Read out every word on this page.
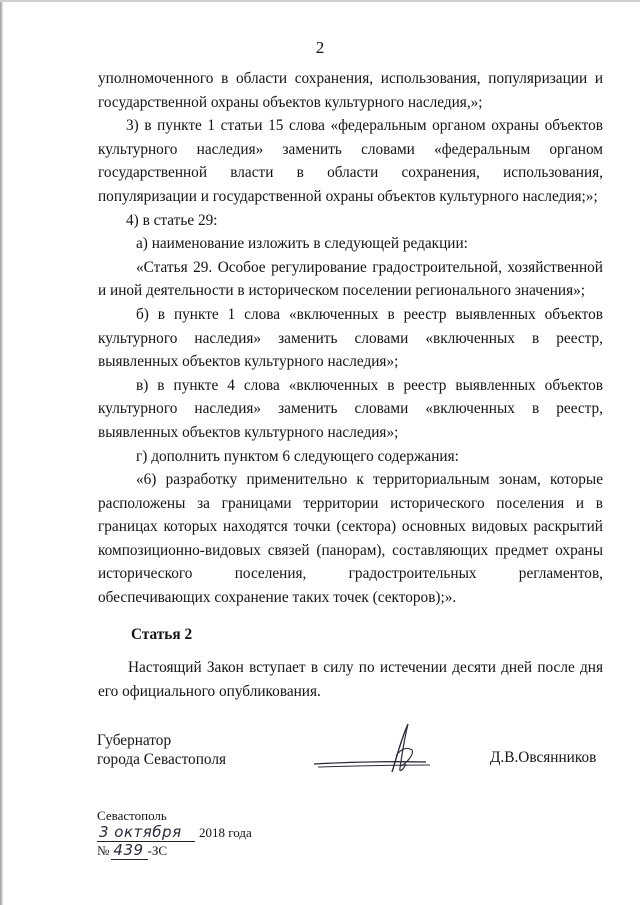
2

уполномоченного в области сохранения, использования, популяризации и государственной охраны объектов культурного наследия,»;

3) в пункте 1 статьи 15 слова «федеральным органом охраны объектов культурного наследия» заменить словами «федеральным органом государственной власти в области сохранения, использования, популяризации и государственной охраны объектов культурного наследия;»;

4) в статье 29:

а) наименование изложить в следующей редакции:

«Статья 29. Особое регулирование градостроительной, хозяйственной и иной деятельности в историческом поселении регионального значения»;

б) в пункте 1 слова «включенных в реестр выявленных объектов культурного наследия» заменить словами «включенных в реестр, выявленных объектов культурного наследия»;

в) в пункте 4 слова «включенных в реестр выявленных объектов культурного наследия» заменить словами «включенных в реестр, выявленных объектов культурного наследия»;

г) дополнить пунктом 6 следующего содержания:

«6) разработку применительно к территориальным зонам, которые расположены за границами территории исторического поселения и в границах которых находятся точки (сектора) основных видовых раскрытий композиционно-видовых связей (панорам), составляющих предмет охраны исторического поселения, градостроительных регламентов, обеспечивающих сохранение таких точек (секторов);».

Статья 2

Настоящий Закон вступает в силу по истечении десяти дней после дня его официального опубликования.

Губернатор
города Севастополя	Д.В.Овсянников
Севастополь
3 октября	2018 года
№ 439 -ЗС
